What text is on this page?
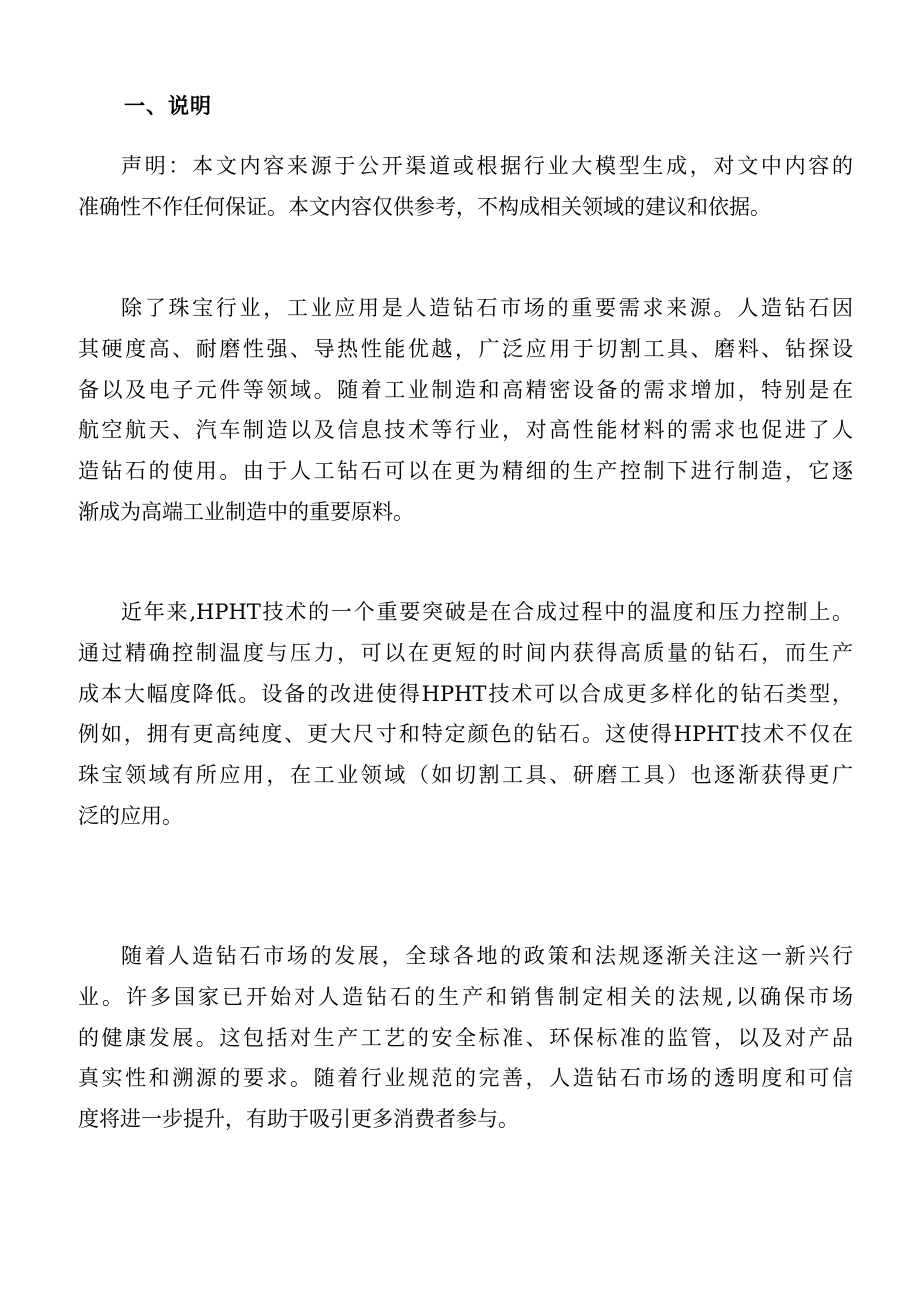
一、说明
声明：本文内容来源于公开渠道或根据行业大模型生成，对文中内容的
准确性不作任何保证。本文内容仅供参考，不构成相关领域的建议和依据。
除了珠宝行业，工业应用是人造钻石市场的重要需求来源。人造钻石因
其硬度高、耐磨性强、导热性能优越，广泛应用于切割工具、磨料、钻探设
备以及电子元件等领域。随着工业制造和高精密设备的需求增加，特别是在
航空航天、汽车制造以及信息技术等行业，对高性能材料的需求也促进了人
造钻石的使用。由于人工钻石可以在更为精细的生产控制下进行制造，它逐
渐成为高端工业制造中的重要原料。
近年来,HPHT技术的一个重要突破是在合成过程中的温度和压力控制上。
通过精确控制温度与压力，可以在更短的时间内获得高质量的钻石，而生产
成本大幅度降低。设备的改进使得HPHT技术可以合成更多样化的钻石类型，
例如，拥有更高纯度、更大尺寸和特定颜色的钻石。这使得HPHT技术不仅在
珠宝领域有所应用，在工业领域（如切割工具、研磨工具）也逐渐获得更广
泛的应用。
随着人造钻石市场的发展，全球各地的政策和法规逐渐关注这一新兴行
业。许多国家已开始对人造钻石的生产和销售制定相关的法规,以确保市场
的健康发展。这包括对生产工艺的安全标准、环保标准的监管，以及对产品
真实性和溯源的要求。随着行业规范的完善，人造钻石市场的透明度和可信
度将进一步提升，有助于吸引更多消费者参与。
